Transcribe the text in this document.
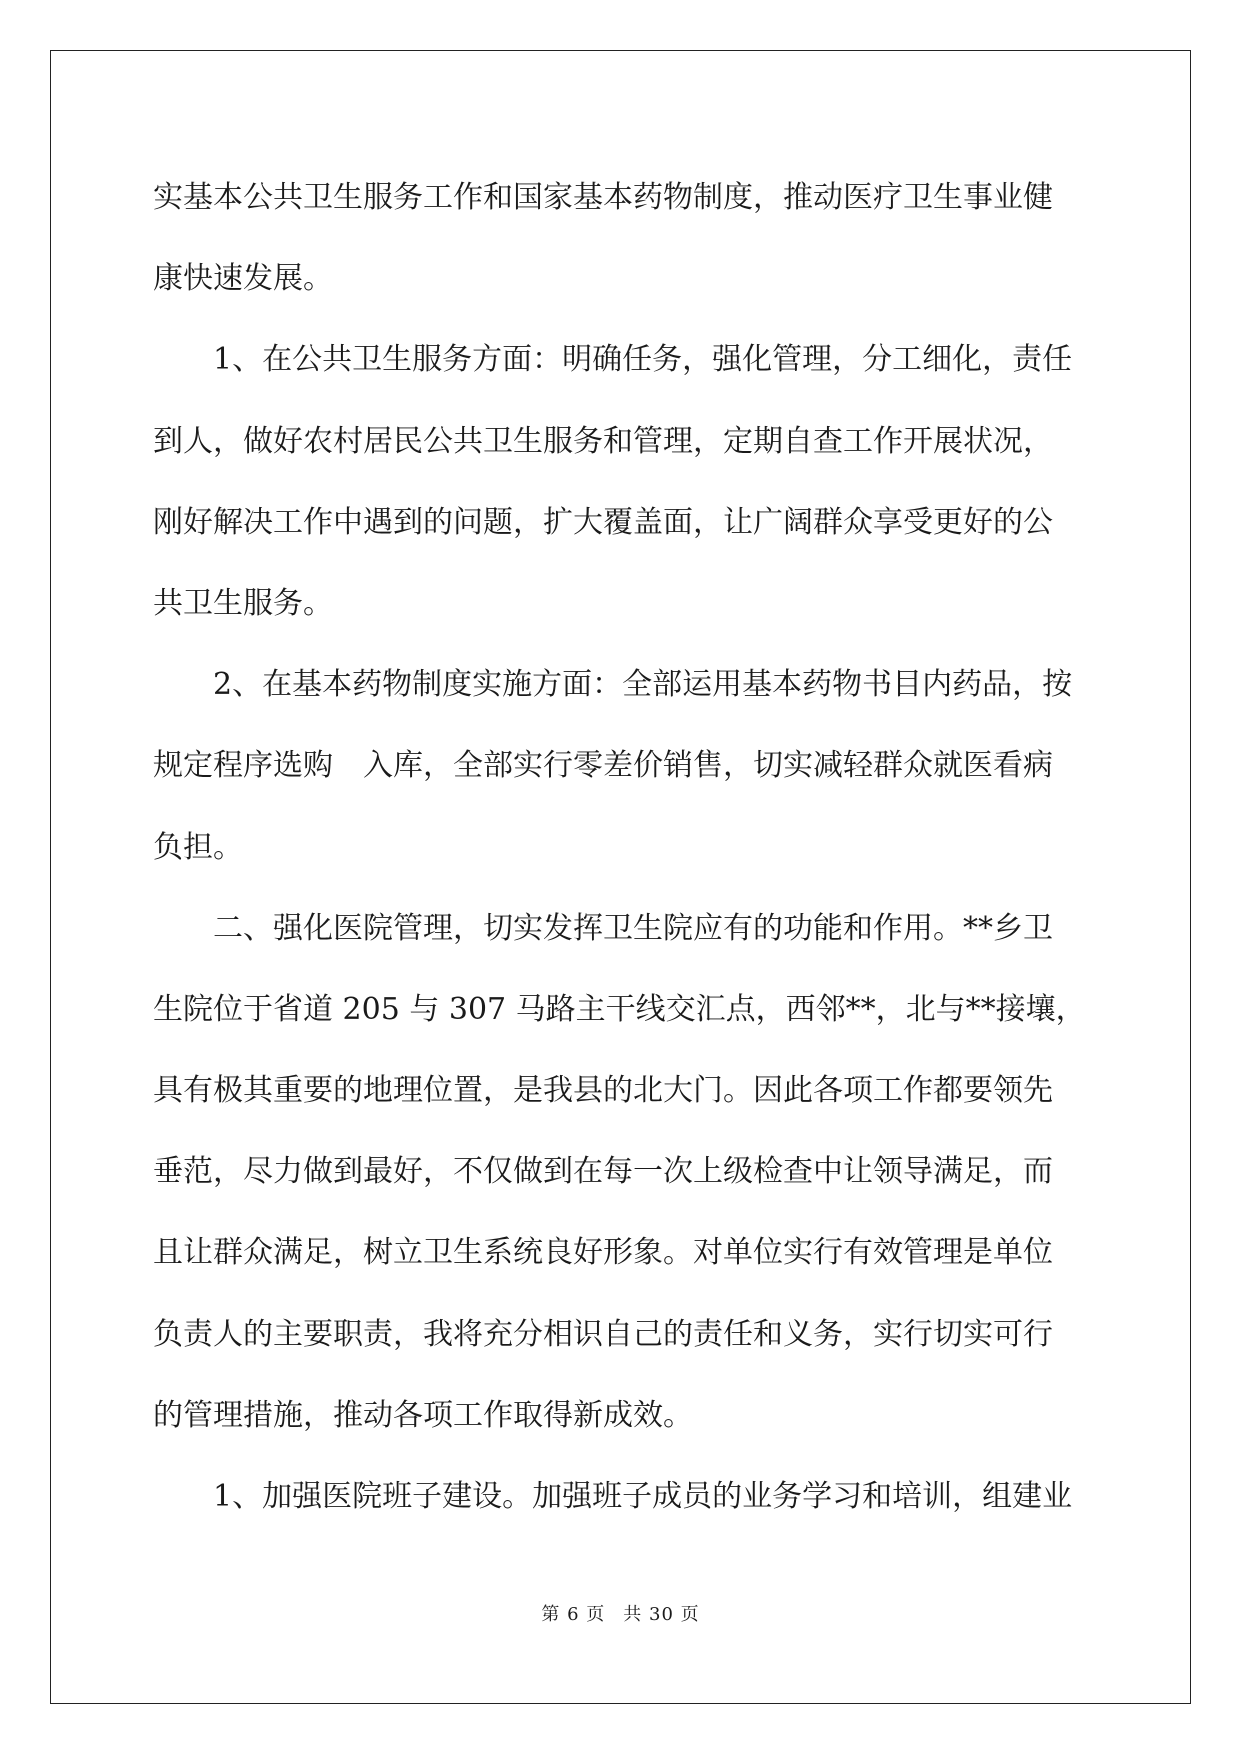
实基本公共卫生服务工作和国家基本药物制度，推动医疗卫生事业健

康快速发展。

1、在公共卫生服务方面：明确任务，强化管理，分工细化，责任

到人，做好农村居民公共卫生服务和管理，定期自查工作开展状况，

刚好解决工作中遇到的问题，扩大覆盖面，让广阔群众享受更好的公

共卫生服务。

2、在基本药物制度实施方面：全部运用基本药物书目内药品，按

规定程序选购　入库，全部实行零差价销售，切实减轻群众就医看病

负担。

二、强化医院管理，切实发挥卫生院应有的功能和作用。**乡卫

生院位于省道 205 与 307 马路主干线交汇点，西邻**，北与**接壤，

具有极其重要的地理位置，是我县的北大门。因此各项工作都要领先

垂范，尽力做到最好，不仅做到在每一次上级检查中让领导满足，而

且让群众满足，树立卫生系统良好形象。对单位实行有效管理是单位

负责人的主要职责，我将充分相识自己的责任和义务，实行切实可行

的管理措施，推动各项工作取得新成效。

1、加强医院班子建设。加强班子成员的业务学习和培训，组建业

第 6 页 共 30 页
